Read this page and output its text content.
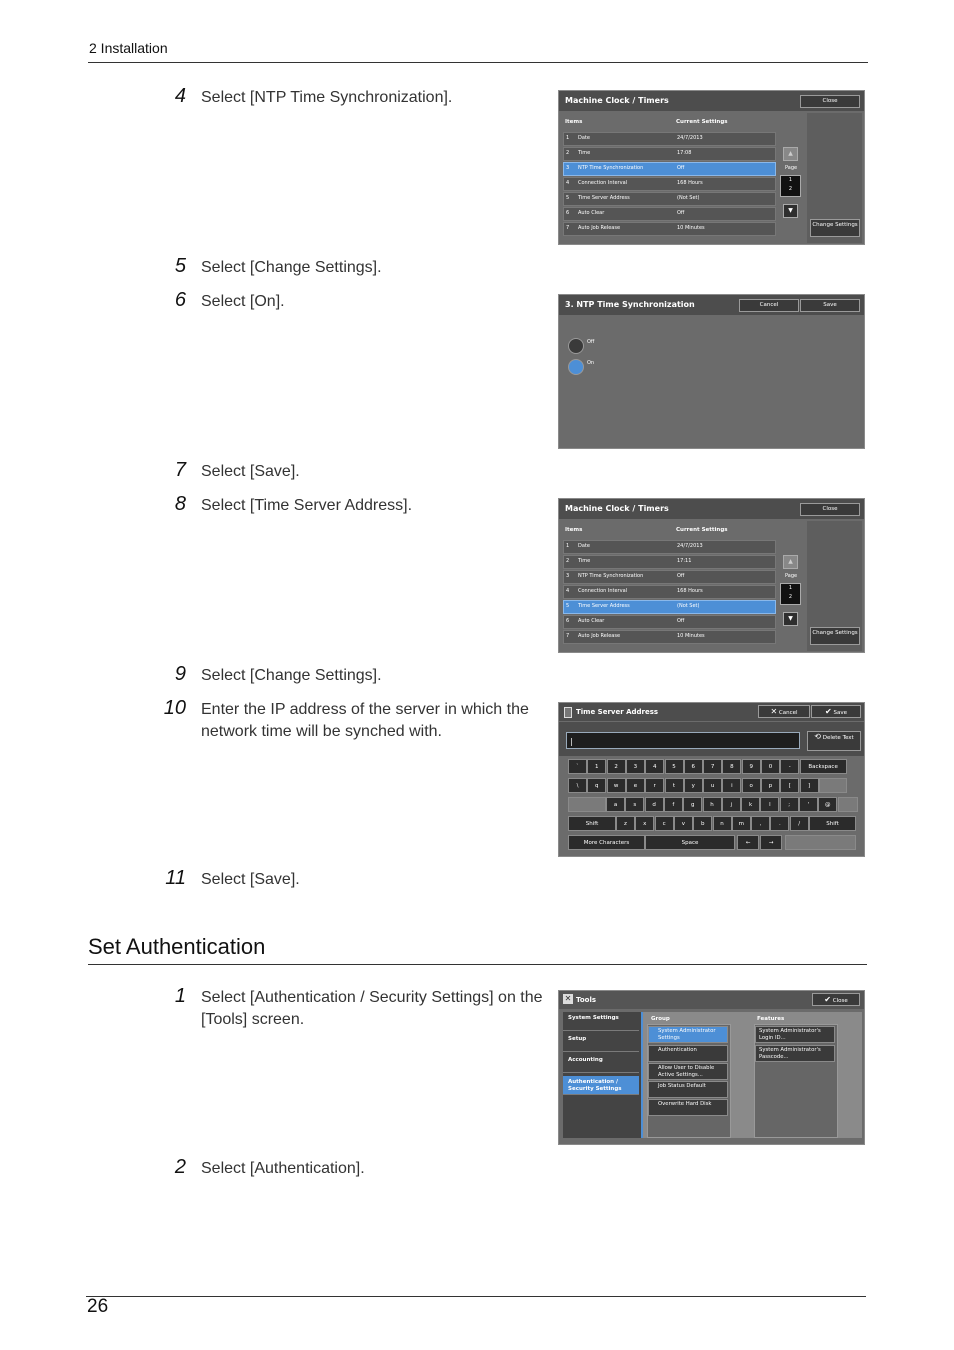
2 Installation
4 Select [NTP Time Synchronization].
5 Select [Change Settings].
6 Select [On].
7 Select [Save].
8 Select [Time Server Address].
9 Select [Change Settings].
10 Enter the IP address of the server in which the network time will be synched with.
11 Select [Save].
Set Authentication
1 Select [Authentication / Security Settings] on the [Tools] screen.
2 Select [Authentication].
26
Machine Clock / Timers	Close
Items	Current Settings
1 Date	24/7/2013
2 Time	17:08
3 NTP Time Synchronization	Off
4 Connection Interval	168 Hours
5 Time Server Address	(Not Set)
6 Auto Clear	Off
7 Auto Job Release	10 Minutes
▲
Page
1
2
▼
Change Settings
3. NTP Time Synchronization	Cancel	Save
Off
On
Machine Clock / Timers	Close
Items	Current Settings
1 Date	24/7/2013
2 Time	17:11
3 NTP Time Synchronization	Off
4 Connection Interval	168 Hours
5 Time Server Address	(Not Set)
6 Auto Clear	Off
7 Auto Job Release	10 Minutes
▲
Page
1
2
▼
Change Settings
Time Server Address	✕ Cancel	✔ Save
|
⟲ Delete Text
`	1	2	3	4	5	6	7	8	9	0	-	Backspace
\	q	w	e	r	t	y	u	i	o	p	[	]
a	s	d	f	g	h	j	k	l	;	'	@
Shift	z	x	c	v	b	n	m	,	.	/	Shift
More Characters	Space	←	→
✕ Tools	✔ Close
System Settings
Setup
Accounting
Authentication / Security Settings
Group	Features
System Administrator Settings
Authentication
Allow User to Disable Active Settings...
Job Status Default
Overwrite Hard Disk
System Administrator's Login ID...
System Administrator's Passcode...
